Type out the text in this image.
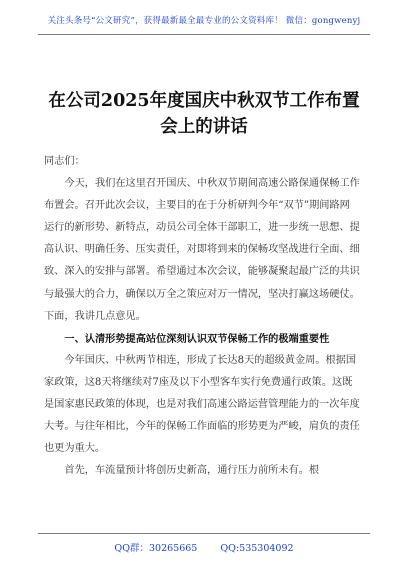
关注头条号“公文研究”，获得最新最全最专业的公文资料库！ 微信：gongwenyj
在公司2025年度国庆中秋双节工作布置会上的讲话

同志们：

今天，我们在这里召开国庆、中秋双节期间高速公路保通保畅工作布置会。召开此次会议，主要目的在于分析研判今年“双节”期间路网运行的新形势、新特点，动员公司全体干部职工，进一步统一思想、提高认识、明确任务、压实责任，对即将到来的保畅攻坚战进行全面、细致、深入的安排与部署。希望通过本次会议，能够凝聚起最广泛的共识与最强大的合力，确保以万全之策应对万一情况，坚决打赢这场硬仗。下面，我讲几点意见。

一、认清形势提高站位深刻认识双节保畅工作的极端重要性

今年国庆、中秋两节相连，形成了长达8天的超级黄金周。根据国家政策，这8天将继续对7座及以下小型客车实行免费通行政策。这既是国家惠民政策的体现，也是对我们高速公路运营管理能力的一次年度大考。与往年相比，今年的保畅工作面临的形势更为严峻，肩负的责任也更为重大。

首先，车流量预计将创历史新高，通行压力前所未有。根

QQ群：30265665 QQ:535304092
